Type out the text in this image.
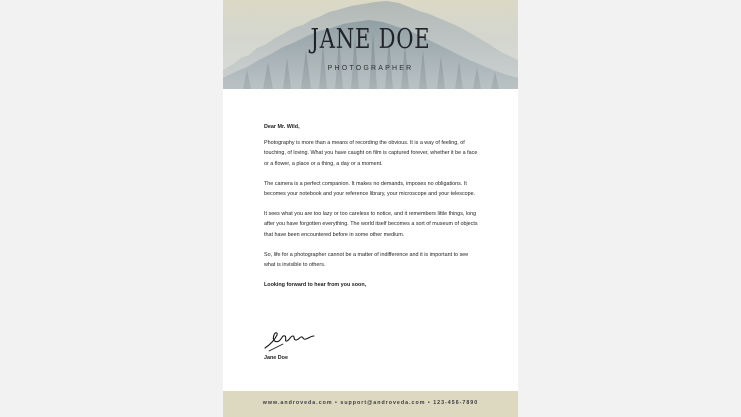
JANE DOE
PHOTOGRAPHER

Dear Mr. Wild,

Photography is more than a means of recording the obvious. It is a way of feeling, of touching, of loving. What you have caught on film is captured forever, whether it be a face or a flower, a place or a thing, a day or a moment.

The camera is a perfect companion. It makes no demands, imposes no obligations. It becomes your notebook and your reference library, your microscope and your telescope.

It sees what you are too lazy or too careless to notice, and it remembers little things, long after you have forgotten everything. The world itself becomes a sort of museum of objects that have been encountered before in some other medium.

So, life for a photographer cannot be a matter of indifference and it is important to see what is invisible to others.

Looking forward to hear from you soon,

Jane Doe
www.androveda.com • support@androveda.com • 123-456-7890
